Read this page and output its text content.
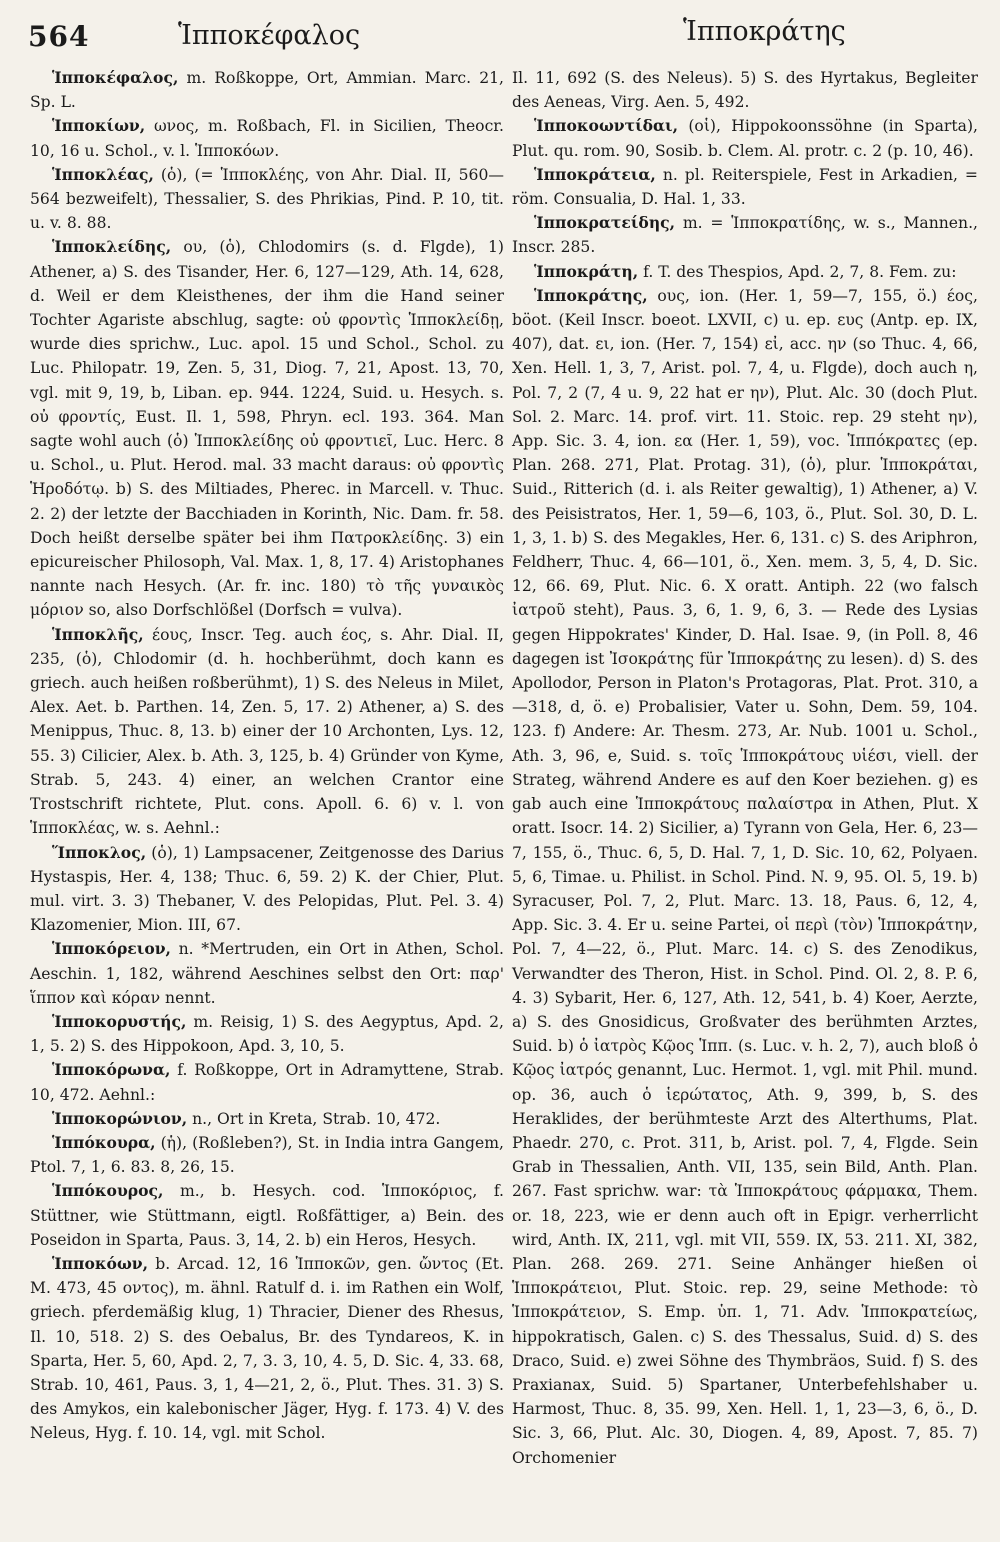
564	Ἱπποκέφαλος	Ἱπποκράτης

Ἱπποκέφαλος, m. Roßkoppe, Ort, Ammian. Marc. 21, Sp. L.

Ἱπποκίων, ωνος, m. Roßbach, Fl. in Sicilien, Theocr. 10, 16 u. Schol., v. l. Ἱπποκόων.

Ἱπποκλέας, (ὁ), (= Ἱπποκλέης, von Ahr. Dial. II, 560—564 bezweifelt), Thessalier, S. des Phrikias, Pind. P. 10, tit. u. v. 8. 88.

Ἱπποκλείδης, ου, (ὁ), Chlodomirs (s. d. Flgde), 1) Athener, a) S. des Tisander, Her. 6, 127—129, Ath. 14, 628, d. Weil er dem Kleisthenes, der ihm die Hand seiner Tochter Agariste abschlug, sagte: οὐ φροντὶς Ἱπποκλείδῃ, wurde dies sprichw., Luc. apol. 15 und Schol., Schol. zu Luc. Philopatr. 19, Zen. 5, 31, Diog. 7, 21, Apost. 13, 70, vgl. mit 9, 19, b, Liban. ep. 944. 1224, Suid. u. Hesych. s. οὐ φροντίς, Eust. Il. 1, 598, Phryn. ecl. 193. 364. Man sagte wohl auch (ὁ) Ἱπποκλείδης οὐ φροντιεῖ, Luc. Herc. 8 u. Schol., u. Plut. Herod. mal. 33 macht daraus: οὐ φροντὶς Ἡροδότῳ. b) S. des Miltiades, Pherec. in Marcell. v. Thuc. 2. 2) der letzte der Bacchiaden in Korinth, Nic. Dam. fr. 58. Doch heißt derselbe später bei ihm Πατροκλείδης. 3) ein epicureischer Philosoph, Val. Max. 1, 8, 17. 4) Aristophanes nannte nach Hesych. (Ar. fr. inc. 180) τὸ τῆς γυναικὸς μόριον so, also Dorfschlößel (Dorfsch = vulva).

Ἱπποκλῆς, έους, Inscr. Teg. auch έος, s. Ahr. Dial. II, 235, (ὁ), Chlodomir (d. h. hochberühmt, doch kann es griech. auch heißen roßberühmt), 1) S. des Neleus in Milet, Alex. Aet. b. Parthen. 14, Zen. 5, 17. 2) Athener, a) S. des Menippus, Thuc. 8, 13. b) einer der 10 Archonten, Lys. 12, 55. 3) Cilicier, Alex. b. Ath. 3, 125, b. 4) Gründer von Kyme, Strab. 5, 243. 4) einer, an welchen Crantor eine Trostschrift richtete, Plut. cons. Apoll. 6. 6) v. l. von Ἱπποκλέας, w. s. Aehnl.:

Ἵπποκλος, (ὁ), 1) Lampsacener, Zeitgenosse des Darius Hystaspis, Her. 4, 138; Thuc. 6, 59. 2) K. der Chier, Plut. mul. virt. 3. 3) Thebaner, V. des Pelopidas, Plut. Pel. 3. 4) Klazomenier, Mion. III, 67.

Ἱπποκόρειον, n. *Mertruden, ein Ort in Athen, Schol. Aeschin. 1, 182, während Aeschines selbst den Ort: παρ' ἵππον καὶ κόραν nennt.

Ἱπποκορυστής, m. Reisig, 1) S. des Aegyptus, Apd. 2, 1, 5. 2) S. des Hippokoon, Apd. 3, 10, 5.

Ἱπποκόρωνα, f. Roßkoppe, Ort in Adramyttene, Strab. 10, 472. Aehnl.:

Ἱπποκορώνιον, n., Ort in Kreta, Strab. 10, 472.

Ἱππόκουρα, (ἡ), (Roßleben?), St. in India intra Gangem, Ptol. 7, 1, 6. 83. 8, 26, 15.

Ἱππόκουρος, m., b. Hesych. cod. Ἱπποκόριος, f. Stüttner, wie Stüttmann, eigtl. Roßfättiger, a) Bein. des Poseidon in Sparta, Paus. 3, 14, 2. b) ein Heros, Hesych.

Ἱπποκόων, b. Arcad. 12, 16 Ἱπποκῶν, gen. ὤντος (Et. M. 473, 45 οντος), m. ähnl. Ratulf d. i. im Rathen ein Wolf, griech. pferdemäßig klug, 1) Thracier, Diener des Rhesus, Il. 10, 518. 2) S. des Oebalus, Br. des Tyndareos, K. in Sparta, Her. 5, 60, Apd. 2, 7, 3. 3, 10, 4. 5, D. Sic. 4, 33. 68, Strab. 10, 461, Paus. 3, 1, 4—21, 2, ö., Plut. Thes. 31. 3) S. des Amykos, ein kalebonischer Jäger, Hyg. f. 173. 4) V. des Neleus, Hyg. f. 10. 14, vgl. mit Schol.

Il. 11, 692 (S. des Neleus). 5) S. des Hyrtakus, Begleiter des Aeneas, Virg. Aen. 5, 492.

Ἱπποκοωντίδαι, (οἱ), Hippokoonssöhne (in Sparta), Plut. qu. rom. 90, Sosib. b. Clem. Al. protr. c. 2 (p. 10, 46).

Ἱπποκράτεια, n. pl. Reiterspiele, Fest in Arkadien, = röm. Consualia, D. Hal. 1, 33.

Ἱπποκρατείδης, m. = Ἱπποκρατίδης, w. s., Mannen., Inscr. 285.

Ἱπποκράτη, f. T. des Thespios, Apd. 2, 7, 8. Fem. zu:

Ἱπποκράτης, ους, ion. (Her. 1, 59—7, 155, ö.) έος, böot. (Keil Inscr. boeot. LXVII, c) u. ep. ευς (Antp. ep. IX, 407), dat. ει, ion. (Her. 7, 154) εἰ, acc. ην (so Thuc. 4, 66, Xen. Hell. 1, 3, 7, Arist. pol. 7, 4, u. Flgde), doch auch η, Pol. 7, 2 (7, 4 u. 9, 22 hat er ην), Plut. Alc. 30 (doch Plut. Sol. 2. Marc. 14. prof. virt. 11. Stoic. rep. 29 steht ην), App. Sic. 3. 4, ion. εα (Her. 1, 59), voc. Ἱππόκρατες (ep. Plan. 268. 271, Plat. Protag. 31), (ὁ), plur. Ἱπποκράται, Suid., Ritterich (d. i. als Reiter gewaltig), 1) Athener, a) V. des Peisistratos, Her. 1, 59—6, 103, ö., Plut. Sol. 30, D. L. 1, 3, 1. b) S. des Megakles, Her. 6, 131. c) S. des Ariphron, Feldherr, Thuc. 4, 66—101, ö., Xen. mem. 3, 5, 4, D. Sic. 12, 66. 69, Plut. Nic. 6. X oratt. Antiph. 22 (wo falsch ἰατροῦ steht), Paus. 3, 6, 1. 9, 6, 3. — Rede des Lysias gegen Hippokrates' Kinder, D. Hal. Isae. 9, (in Poll. 8, 46 dagegen ist Ἰσοκράτης für Ἱπποκράτης zu lesen). d) S. des Apollodor, Person in Platon's Protagoras, Plat. Prot. 310, a—318, d, ö. e) Probalisier, Vater u. Sohn, Dem. 59, 104. 123. f) Andere: Ar. Thesm. 273, Ar. Nub. 1001 u. Schol., Ath. 3, 96, e, Suid. s. τοῖς Ἱπποκράτους υἱέσι, viell. der Strateg, während Andere es auf den Koer beziehen. g) es gab auch eine Ἱπποκράτους παλαίστρα in Athen, Plut. X oratt. Isocr. 14. 2) Sicilier, a) Tyrann von Gela, Her. 6, 23—7, 155, ö., Thuc. 6, 5, D. Hal. 7, 1, D. Sic. 10, 62, Polyaen. 5, 6, Timae. u. Philist. in Schol. Pind. N. 9, 95. Ol. 5, 19. b) Syracuser, Pol. 7, 2, Plut. Marc. 13. 18, Paus. 6, 12, 4, App. Sic. 3. 4. Er u. seine Partei, οἱ περὶ (τὸν) Ἱπποκράτην, Pol. 7, 4—22, ö., Plut. Marc. 14. c) S. des Zenodikus, Verwandter des Theron, Hist. in Schol. Pind. Ol. 2, 8. P. 6, 4. 3) Sybarit, Her. 6, 127, Ath. 12, 541, b. 4) Koer, Aerzte, a) S. des Gnosidicus, Großvater des berühmten Arztes, Suid. b) ὁ ἰατρὸς Κῷος Ἱππ. (s. Luc. v. h. 2, 7), auch bloß ὁ Κῷος ἰατρός genannt, Luc. Hermot. 1, vgl. mit Phil. mund. op. 36, auch ὁ ἱερώτατος, Ath. 9, 399, b, S. des Heraklides, der berühmteste Arzt des Alterthums, Plat. Phaedr. 270, c. Prot. 311, b, Arist. pol. 7, 4, Flgde. Sein Grab in Thessalien, Anth. VII, 135, sein Bild, Anth. Plan. 267. Fast sprichw. war: τὰ Ἱπποκράτους φάρμακα, Them. or. 18, 223, wie er denn auch oft in Epigr. verherrlicht wird, Anth. IX, 211, vgl. mit VII, 559. IX, 53. 211. XI, 382, Plan. 268. 269. 271. Seine Anhänger hießen οἱ Ἱπποκράτειοι, Plut. Stoic. rep. 29, seine Methode: τὸ Ἱπποκράτειον, S. Emp. ὑπ. 1, 71. Adv. Ἱπποκρατείως, hippokratisch, Galen. c) S. des Thessalus, Suid. d) S. des Draco, Suid. e) zwei Söhne des Thymbräos, Suid. f) S. des Praxianax, Suid. 5) Spartaner, Unterbefehlshaber u. Harmost, Thuc. 8, 35. 99, Xen. Hell. 1, 1, 23—3, 6, ö., D. Sic. 3, 66, Plut. Alc. 30, Diogen. 4, 89, Apost. 7, 85. 7) Orchomenier
